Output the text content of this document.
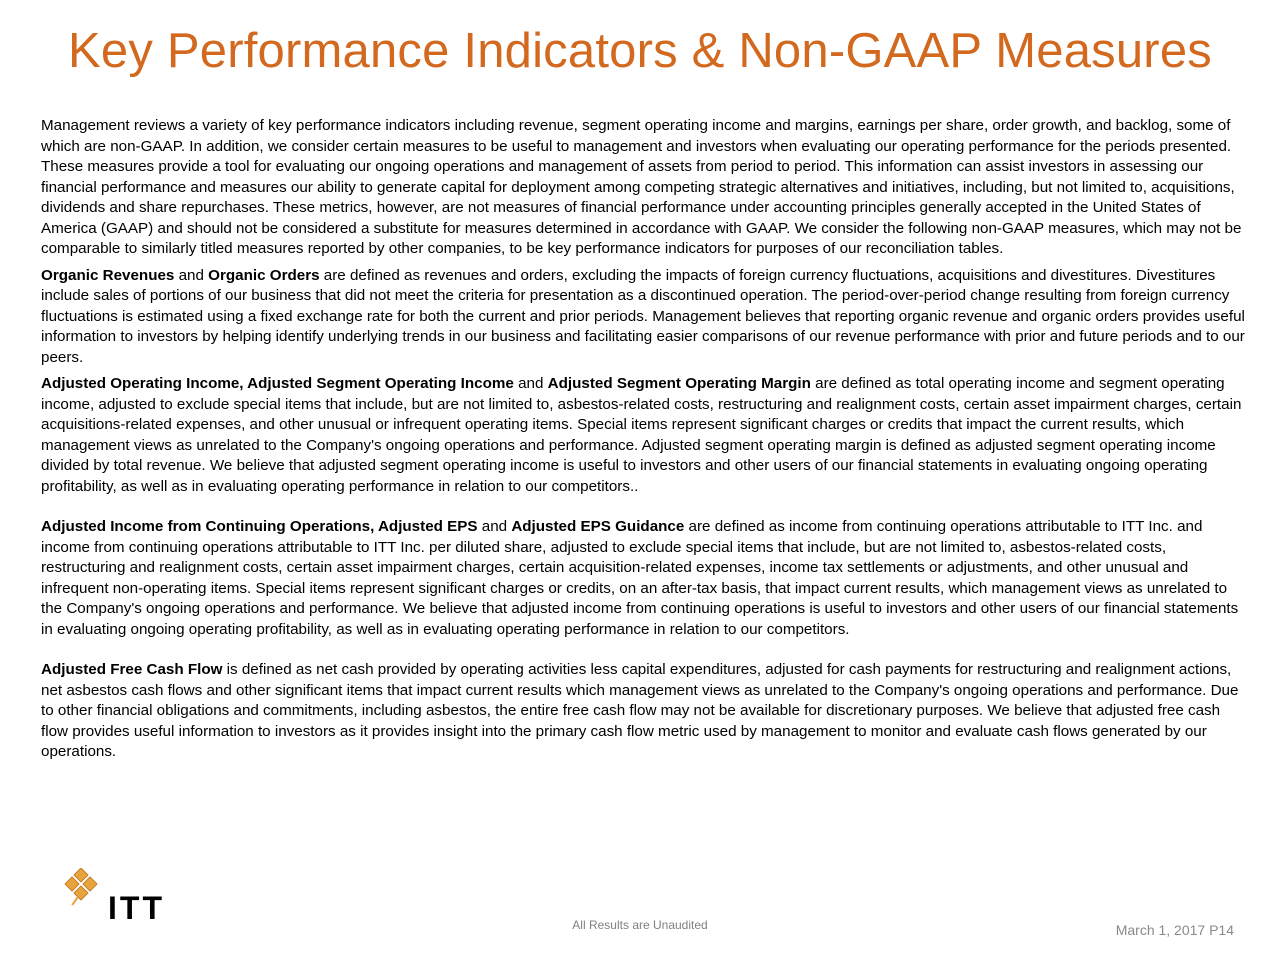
Key Performance Indicators & Non-GAAP Measures

Management reviews a variety of key performance indicators including revenue, segment operating income and margins, earnings per share, order growth, and backlog, some of which are non-GAAP. In addition, we consider certain measures to be useful to management and investors when evaluating our operating performance for the periods presented. These measures provide a tool for evaluating our ongoing operations and management of assets from period to period. This information can assist investors in assessing our financial performance and measures our ability to generate capital for deployment among competing strategic alternatives and initiatives, including, but not limited to, acquisitions, dividends and share repurchases. These metrics, however, are not measures of financial performance under accounting principles generally accepted in the United States of America (GAAP) and should not be considered a substitute for measures determined in accordance with GAAP. We consider the following non-GAAP measures, which may not be comparable to similarly titled measures reported by other companies, to be key performance indicators for purposes of our reconciliation tables.

Organic Revenues and Organic Orders are defined as revenues and orders, excluding the impacts of foreign currency fluctuations, acquisitions and divestitures. Divestitures include sales of portions of our business that did not meet the criteria for presentation as a discontinued operation. The period-over-period change resulting from foreign currency fluctuations is estimated using a fixed exchange rate for both the current and prior periods. Management believes that reporting organic revenue and organic orders provides useful information to investors by helping identify underlying trends in our business and facilitating easier comparisons of our revenue performance with prior and future periods and to our peers.

Adjusted Operating Income, Adjusted Segment Operating Income and Adjusted Segment Operating Margin are defined as total operating income and segment operating income, adjusted to exclude special items that include, but are not limited to, asbestos-related costs, restructuring and realignment costs, certain asset impairment charges, certain acquisitions-related expenses, and other unusual or infrequent operating items. Special items represent significant charges or credits that impact the current results, which management views as unrelated to the Company's ongoing operations and performance. Adjusted segment operating margin is defined as adjusted segment operating income divided by total revenue. We believe that adjusted segment operating income is useful to investors and other users of our financial statements in evaluating ongoing operating profitability, as well as in evaluating operating performance in relation to our competitors..

Adjusted Income from Continuing Operations, Adjusted EPS and Adjusted EPS Guidance are defined as income from continuing operations attributable to ITT Inc. and income from continuing operations attributable to ITT Inc. per diluted share, adjusted to exclude special items that include, but are not limited to, asbestos-related costs, restructuring and realignment costs, certain asset impairment charges, certain acquisition-related expenses, income tax settlements or adjustments, and other unusual and infrequent non-operating items. Special items represent significant charges or credits, on an after-tax basis, that impact current results, which management views as unrelated to the Company's ongoing operations and performance. We believe that adjusted income from continuing operations is useful to investors and other users of our financial statements in evaluating ongoing operating profitability, as well as in evaluating operating performance in relation to our competitors.

Adjusted Free Cash Flow is defined as net cash provided by operating activities less capital expenditures, adjusted for cash payments for restructuring and realignment actions, net asbestos cash flows and other significant items that impact current results which management views as unrelated to the Company's ongoing operations and performance. Due to other financial obligations and commitments, including asbestos, the entire free cash flow may not be available for discretionary purposes. We believe that adjusted free cash flow provides useful information to investors as it provides insight into the primary cash flow metric used by management to monitor and evaluate cash flows generated by our operations.

ITT	All Results are Unaudited	March 1, 2017 P14
